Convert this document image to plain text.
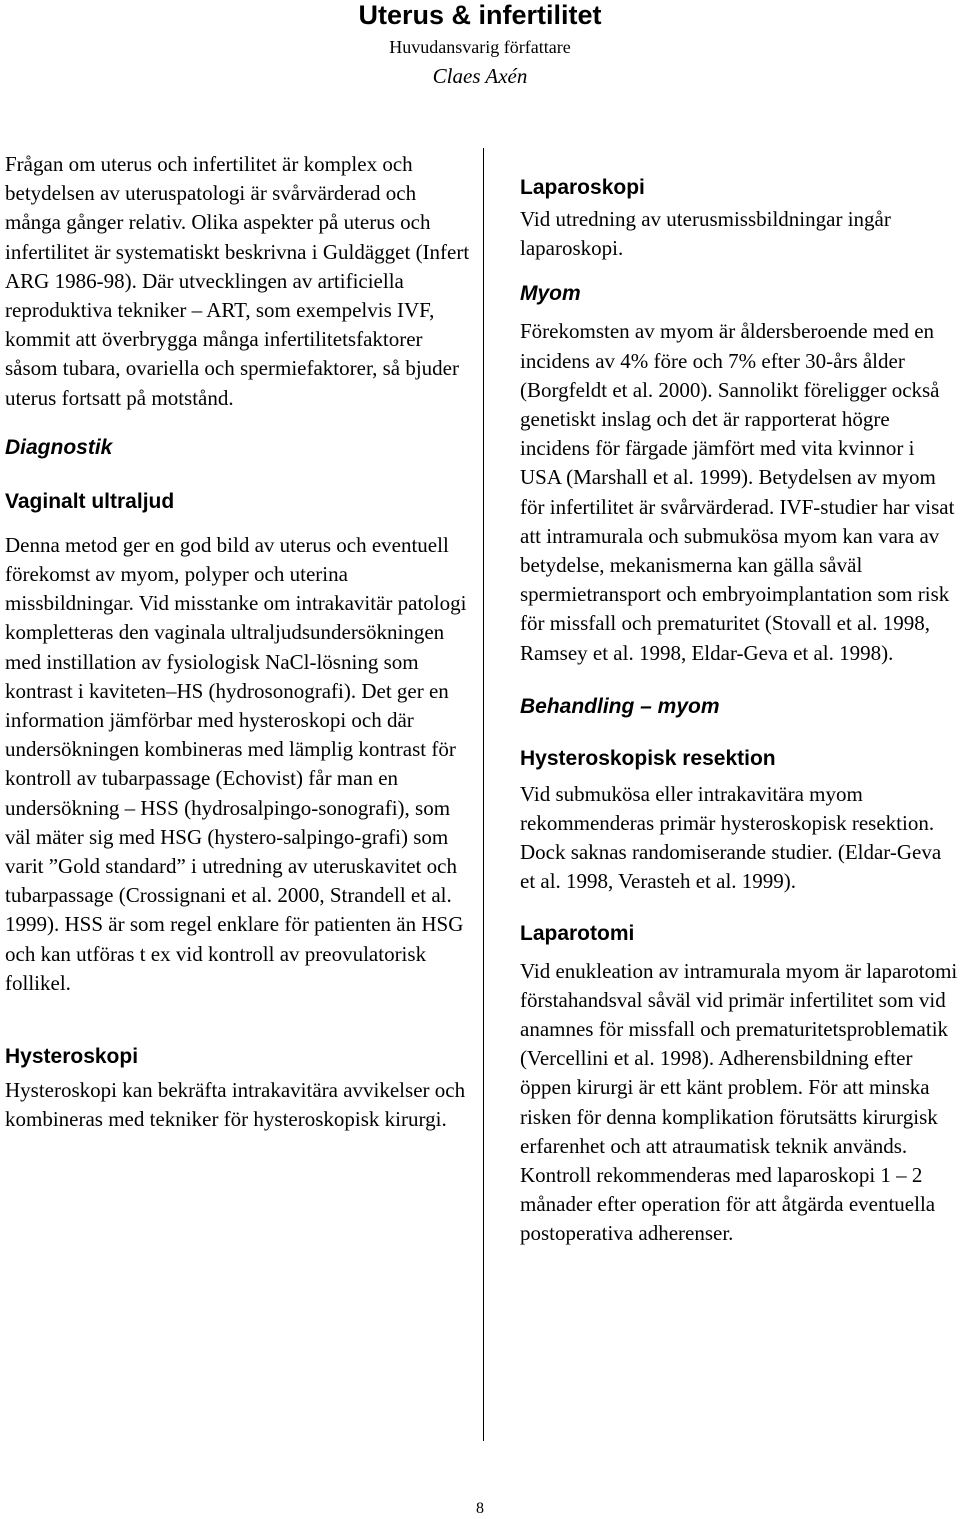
Uterus & infertilitet
Huvudansvarig författare
Claes Axén

Frågan om uterus och infertilitet är komplex och betydelsen av uteruspatologi är svårvärderad och många gånger relativ. Olika aspekter på uterus och infertilitet är systematiskt beskrivna i Guldägget (Infert ARG 1986-98). Där utvecklingen av artificiella reproduktiva tekniker – ART, som exempelvis IVF, kommit att överbrygga många infertilitetsfaktorer såsom tubara, ovariella och spermiefaktorer, så bjuder uterus fortsatt på motstånd.

Diagnostik
Vaginalt ultraljud

Denna metod ger en god bild av uterus och eventuell förekomst av myom, polyper och uterina missbildningar. Vid misstanke om intrakavitär patologi kompletteras den vaginala ultraljudsundersökningen med instillation av fysiologisk NaCl-lösning som kontrast i kaviteten–HS (hydrosonografi). Det ger en information jämförbar med hysteroskopi och där undersökningen kombineras med lämplig kontrast för kontroll av tubarpassage (Echovist) får man en undersökning – HSS (hydrosalpingo-sonografi), som väl mäter sig med HSG (hystero-salpingo-grafi) som varit ”Gold standard” i utredning av uteruskavitet och tubarpassage (Crossignani et al. 2000, Strandell et al. 1999). HSS är som regel enklare för patienten än HSG och kan utföras t ex vid kontroll av preovulatorisk follikel.

Hysteroskopi

Hysteroskopi kan bekräfta intrakavitära avvikelser och kombineras med tekniker för hysteroskopisk kirurgi.

Laparoskopi

Vid utredning av uterusmissbildningar ingår laparoskopi.

Myom

Förekomsten av myom är åldersberoende med en incidens av 4% före och 7% efter 30-års ålder (Borgfeldt et al. 2000). Sannolikt föreligger också genetiskt inslag och det är rapporterat högre incidens för färgade jämfört med vita kvinnor i USA (Marshall et al. 1999). Betydelsen av myom för infertilitet är svårvärderad. IVF-studier har visat att intramurala och submukösa myom kan vara av betydelse, mekanismerna kan gälla såväl spermietransport och embryoimplantation som risk för missfall och prematuritet (Stovall et al. 1998, Ramsey et al. 1998, Eldar-Geva et al. 1998).

Behandling – myom
Hysteroskopisk resektion

Vid submukösa eller intrakavitära myom rekommenderas primär hysteroskopisk resektion. Dock saknas randomiserande studier. (Eldar-Geva et al. 1998, Verasteh et al. 1999).

Laparotomi

Vid enukleation av intramurala myom är laparotomi förstahandsval såväl vid primär infertilitet som vid anamnes för missfall och prematuritetsproblematik (Vercellini et al. 1998). Adherensbildning efter öppen kirurgi är ett känt problem. För att minska risken för denna komplikation förutsätts kirurgisk erfarenhet och att atraumatisk teknik används. Kontroll rekommenderas med laparoskopi 1 – 2 månader efter operation för att åtgärda eventuella postoperativa adherenser.

8
